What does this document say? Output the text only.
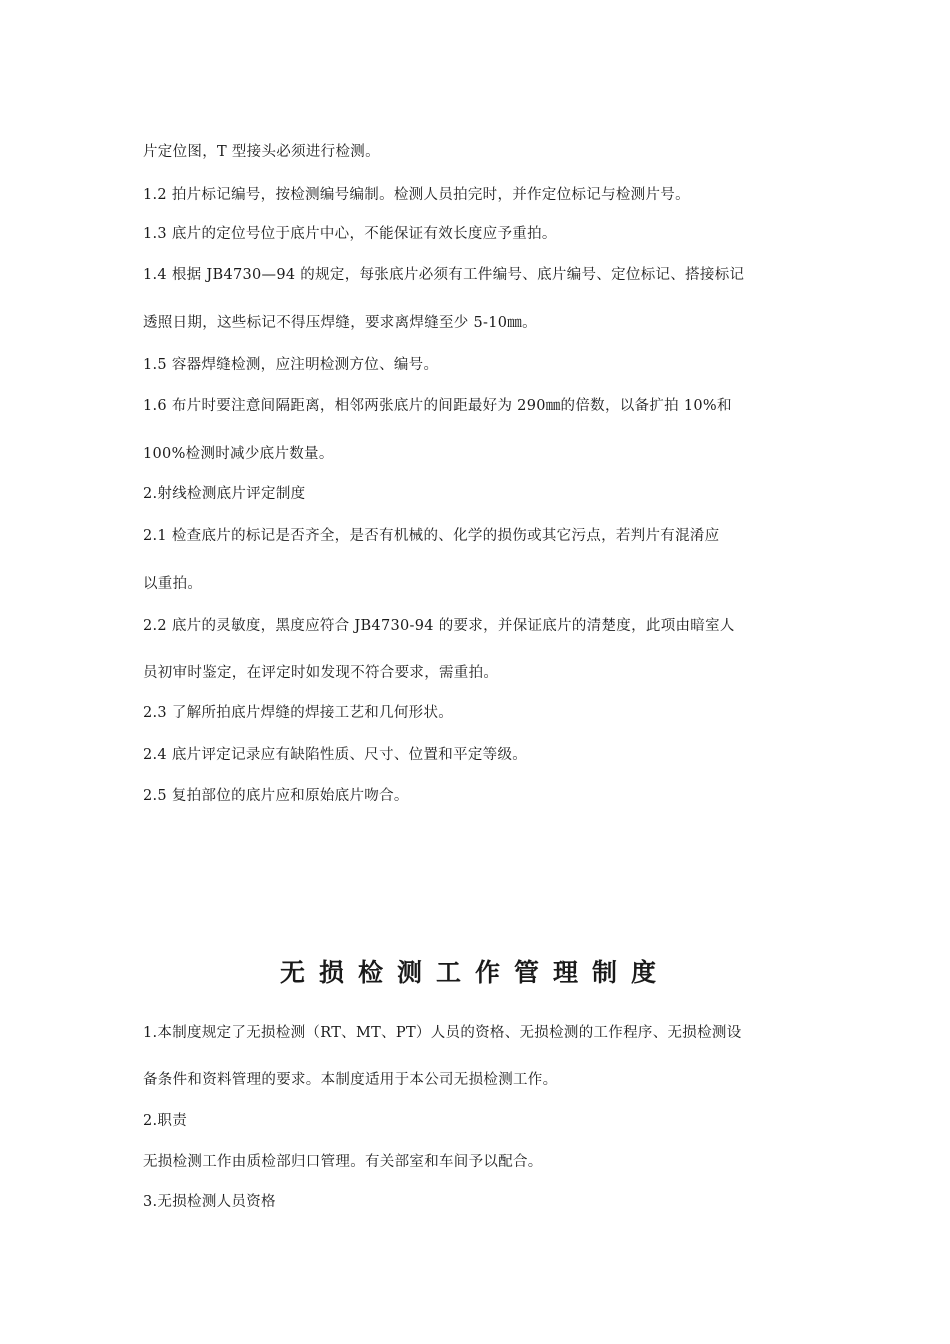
片定位图，T 型接头必须进行检测。

1.2 拍片标记编号，按检测编号编制。检测人员拍完时，并作定位标记与检测片号。

1.3 底片的定位号位于底片中心，不能保证有效长度应予重拍。

1.4 根据 JB4730—94 的规定，每张底片必须有工件编号、底片编号、定位标记、搭接标记

透照日期，这些标记不得压焊缝，要求离焊缝至少 5-10㎜。

1.5 容器焊缝检测，应注明检测方位、编号。

1.6 布片时要注意间隔距离，相邻两张底片的间距最好为 290㎜的倍数，以备扩拍 10%和

100%检测时减少底片数量。

2.射线检测底片评定制度

2.1 检查底片的标记是否齐全，是否有机械的、化学的损伤或其它污点，若判片有混淆应

以重拍。

2.2 底片的灵敏度，黑度应符合 JB4730-94 的要求，并保证底片的清楚度，此项由暗室人

员初审时鉴定，在评定时如发现不符合要求，需重拍。

2.3 了解所拍底片焊缝的焊接工艺和几何形状。

2.4 底片评定记录应有缺陷性质、尺寸、位置和平定等级。

2.5 复拍部位的底片应和原始底片吻合。

无损检测工作管理制度

1.本制度规定了无损检测（RT、MT、PT）人员的资格、无损检测的工作程序、无损检测设

备条件和资料管理的要求。本制度适用于本公司无损检测工作。

2.职责

无损检测工作由质检部归口管理。有关部室和车间予以配合。

3.无损检测人员资格
